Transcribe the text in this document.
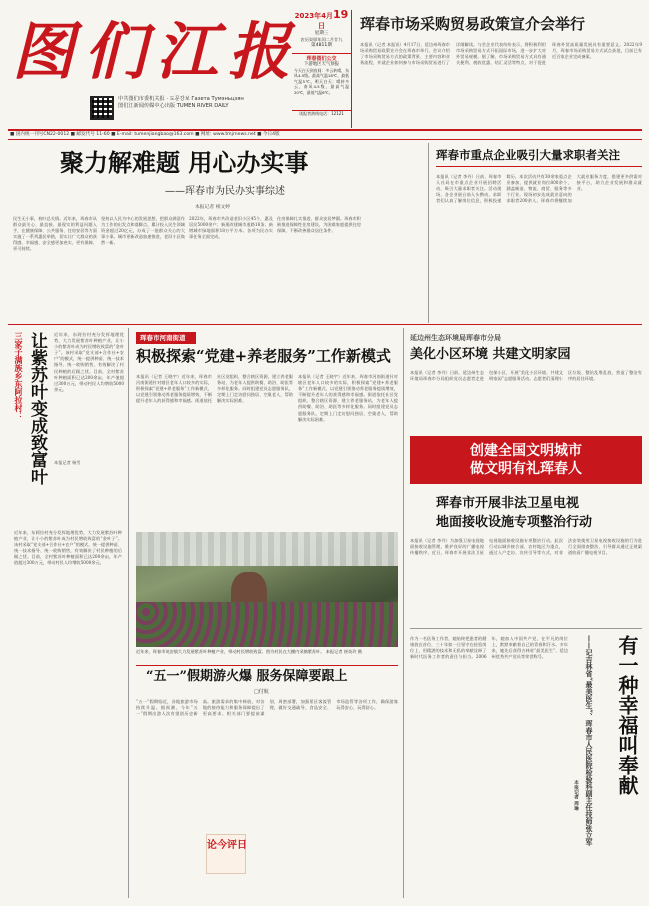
图们江报
中共图们市委机关报 · 도문강보 Газета Тумэньцзян
图们江新闻传媒中心出版 TUMEN RIVER DAILY
2023年4月19日
星期三
农历癸卯年闰二月廿九
第4811期
珲春图们公交
下游地区天气预报
今天白天到夜间：多云转晴，东风4-5级。最高气温18℃，最低气温5℃。明天白天：晴转多云，南风4-5级，最高气温20℃，最低气温6℃。
读报者热线电话：12121
珲春市场采购贸易政策宣介会举行
本报讯（记者 本报讯）4月17日，延边州珲春市场采购贸易政策宣介会在珲春市举行。会议介绍了市场采购贸易方式的政策背景、主要内容和业务流程，并就企业如何参与市场采购贸易进行了详细解读。与会企业代表纷纷表示，将积极利用市场采购贸易方式开拓国际市场，进一步扩大对外贸易规模。据了解，市场采购贸易方式具有通关便利、税收优惠、结汇灵活等特点，对于促进珲春外贸高质量发展具有重要意义。2022年9月，珲春市场采购贸易方式试点获批，目前已有近百家企业完成备案。
■ 国内统一刊号CN22-0012 ■ 邮发代号 11-60 ■ E-mail: tumenjiangbao@163.com ■ 网址: www.tmjrnews.net ■ 今日4版
聚力解难题 用心办实事
——珲春市为民办实事综述
本报记者 相文婷
民生无小事，枝叶总关情。近年来，珲春市从群众最关心、最直接、最现实的利益问题入手，在健康保障、公共服务、住房安居等方面实施了一系列惠民举措，切实让广大群众的获得感、幸福感、安全感更加充实、更有保障、更可持续。
坚持以人民为中心的发展思想，把群众满意作为工作的出发点和落脚点，累计投入民生领域资金超过20亿元，办成了一批群众关心的大事小事。城市更新改造加速推进，老旧小区焕然一新。
2022年，珲春市共改造老旧小区45个，惠及居民5000余户；新建改建城市道路16条；新增城市绿地面积18万平方米。各项为民办实事任务全面完成。
住房保障扎实推进，群众安居梦圆。珲春市积极推进保障性住房建设，为困难家庭提供住房保障，不断改善群众居住条件。
珲春市重点企业吸引大量求职者关注
本报讯（记者 李丹）日前，珲春市人社局在市重点企业开展招聘活动，吸引大量求职者关注。活动现场，各企业展台前人头攒动，求职者们认真了解岗位信息，积极投递简历。本次活动共有30余家重点企业参加，提供就业岗位800余个，涵盖制造、物流、商贸、服务等多个行业。现场初步达成就业意向的求职者200余人。珲春市将继续加大就业服务力度，搭建更多供需对接平台，助力企业发展和群众就业。
三家子满族乡东阿拉村： 让紫苏叶变成致富叶 本报记者 杨雪
近年来，东阿拉村充分发挥地理优势，大力发展紫苏叶种植产业，让小小的紫苏叶成为村民增收致富的“金叶子”。该村采取“党支部+合作社+农户”的模式，统一提供种苗、统一技术指导、统一收购销售，有效解决了村民种植的后顾之忧。目前，全村紫苏叶种植面积已达200余亩，年产值超过300万元，带动村民人均增收5000余元。
近年来，东阿拉村充分发挥地理优势，大力发展紫苏叶种植产业，让小小的紫苏叶成为村民增收致富的“金叶子”。该村采取“党支部+合作社+农户”的模式，统一提供种苗、统一技术指导、统一收购销售，有效解决了村民种植的后顾之忧。目前，全村紫苏叶种植面积已达200余亩，年产值超过300万元，带动村民人均增收5000余元。
珲春市河南街道
积极探索“党建+养老服务”工作新模式
本报讯（记者 王晓宇）近年来，珲春市河南街道针对辖区老年人口较多的实际，积极探索“党建+养老服务”工作新模式，以党建引领推动养老服务提质增效，不断提升老年人的获得感和幸福感。街道依托社区党组织，整合辖区资源，建立养老服务站，为老年人提供助餐、助浴、助医等多样化服务。同时组建党员志愿服务队，定期上门走访慰问独居、空巢老人，帮助解决实际困难。
本报讯（记者 王晓宇）近年来，珲春市河南街道针对辖区老年人口较多的实际，积极探索“党建+养老服务”工作新模式，以党建引领推动养老服务提质增效，不断提升老年人的获得感和幸福感。街道依托社区党组织，整合辖区资源，建立养老服务站，为老年人提供助餐、助浴、助医等多样化服务。同时组建党员志愿服务队，定期上门走访慰问独居、空巢老人，帮助解决实际困难。
近年来，珲春市英安镇大力发展紫苏叶种植产业，带动村民增收致富。图为村民在大棚内采摘紫苏叶。 本报记者 崔英玲 摄
“五一”假期游火爆 服务保障要跟上
□付航
“五一”假期临近，各地旅游市场持续升温。据预测，今年“五一”假期出游人次有望创历史新高。旅游需求的集中释放，对各地的接待能力和服务保障提出了更高要求。相关部门要提前谋划、周密部署，加强景区客流管理，做好交通疏导、食品安全、市场监管等各项工作，确保游客玩得安心、玩得舒心。
论今评日
延边州生态环境局珲春市分局
美化小区环境 共建文明家园
本报讯（记者 李丹）日前，延边州生态环境局珲春市分局组织党员志愿者走进包保小区，开展“美化小区环境、共建文明家园”志愿服务活动。志愿者们清理小区垃圾、整治乱堆乱放，营造了整洁有序的居住环境。
创建全国文明城市
做文明有礼珲春人
珲春市开展非法卫星电视
地面接收设施专项整治行动
本报讯（记者 李丹）为加强卫星电视地面接收设施管理，维护良好的广播电视传播秩序，近日，珲春市开展非法卫星电视地面接收设施专项整治行动。此次行动以城乡接合部、农村地区为重点，通过入户走访、宣传引导等方式，对非法安装使用卫星电视接收设施的行为进行全面排查整治，引导群众通过正规渠道收看广播电视节目。
有一种幸福叫奉献
——记吉林省“最美医生”、珲春市人民医院检验科副主任技师张立军
本报记者 周琳
作为一名医务工作者，她始终把患者的健康放在首位，三十年如一日坚守在检验岗位上，用精湛的技术和无私的奉献诠释了新时代医务工作者的责任与担当。2006年，她加入中国共产党，在平凡的岗位上，默默奉献着自己的青春和汗水。多年来，她先后获得吉林省“最美医生”、延边州优秀共产党员等荣誉称号。
